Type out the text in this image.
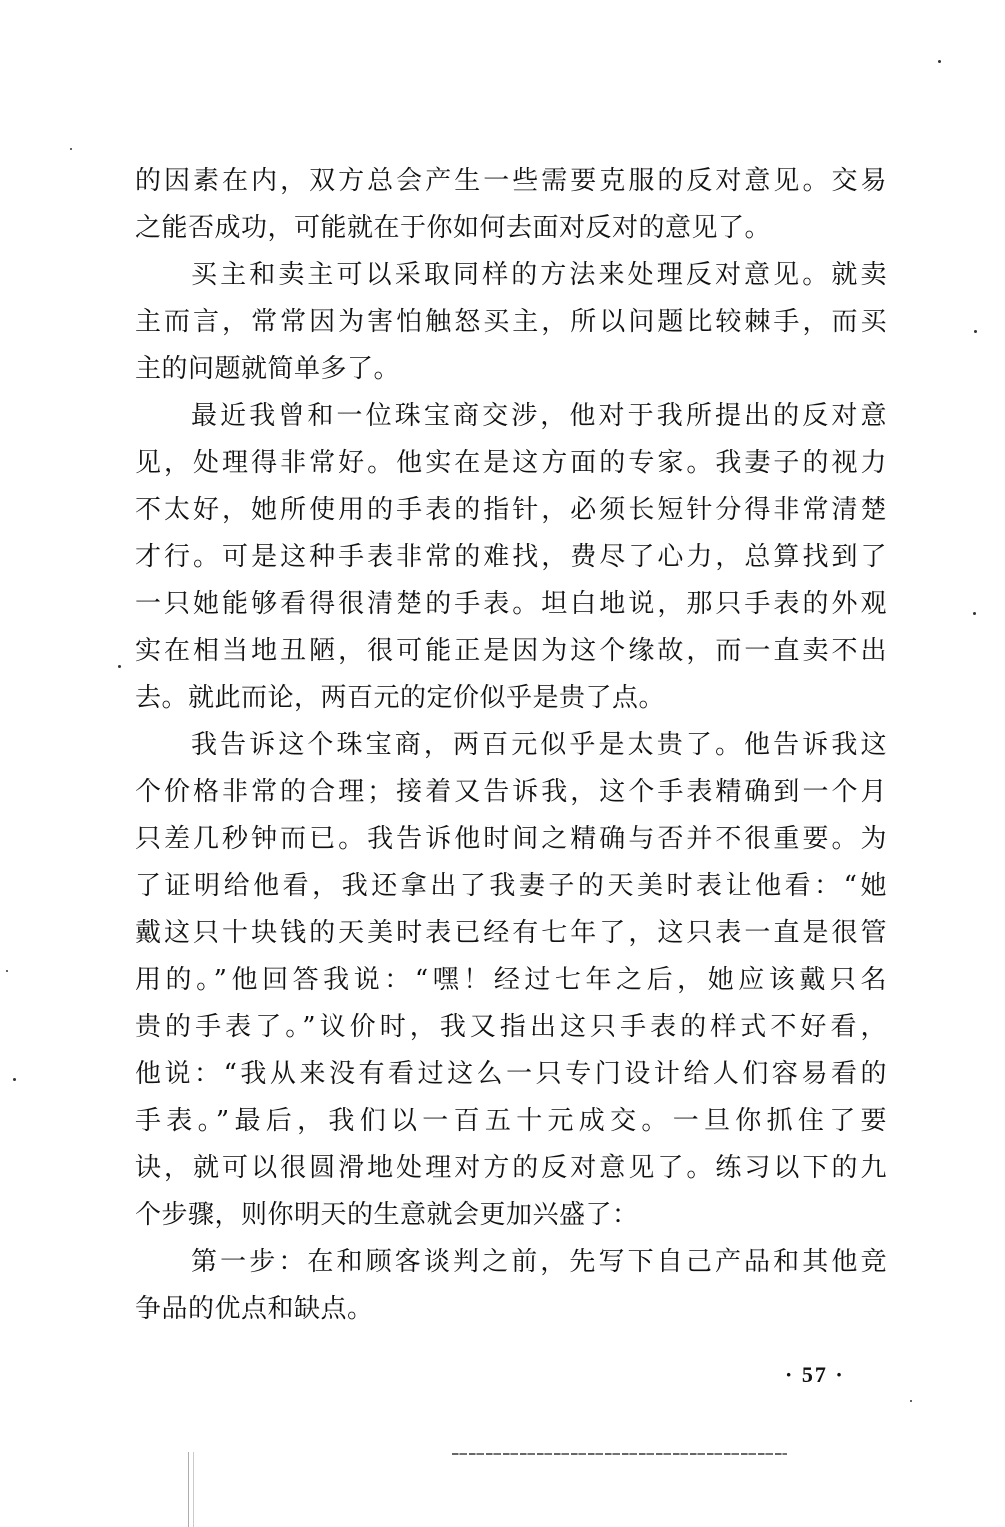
的因素在内，双方总会产生一些需要克服的反对意见。交易
之能否成功，可能就在于你如何去面对反对的意见了。
买主和卖主可以采取同样的方法来处理反对意见。就卖
主而言，常常因为害怕触怒买主，所以问题比较棘手，而买
主的问题就简单多了。
最近我曾和一位珠宝商交涉，他对于我所提出的反对意
见，处理得非常好。他实在是这方面的专家。我妻子的视力
不太好，她所使用的手表的指针，必须长短针分得非常清楚
才行。可是这种手表非常的难找，费尽了心力，总算找到了
一只她能够看得很清楚的手表。坦白地说，那只手表的外观
实在相当地丑陋，很可能正是因为这个缘故，而一直卖不出
去。就此而论，两百元的定价似乎是贵了点。
我告诉这个珠宝商，两百元似乎是太贵了。他告诉我这
个价格非常的合理；接着又告诉我，这个手表精确到一个月
只差几秒钟而已。我告诉他时间之精确与否并不很重要。为
了证明给他看，我还拿出了我妻子的天美时表让他看：“她
戴这只十块钱的天美时表已经有七年了，这只表一直是很管
用的。”他回答我说：“嘿！经过七年之后，她应该戴只名
贵的手表了。”议价时，我又指出这只手表的样式不好看，
他说：“我从来没有看过这么一只专门设计给人们容易看的
手表。”最后，我们以一百五十元成交。一旦你抓住了要
诀，就可以很圆滑地处理对方的反对意见了。练习以下的九
个步骤，则你明天的生意就会更加兴盛了：
第一步：在和顾客谈判之前，先写下自己产品和其他竞
争品的优点和缺点。
· 57 ·
